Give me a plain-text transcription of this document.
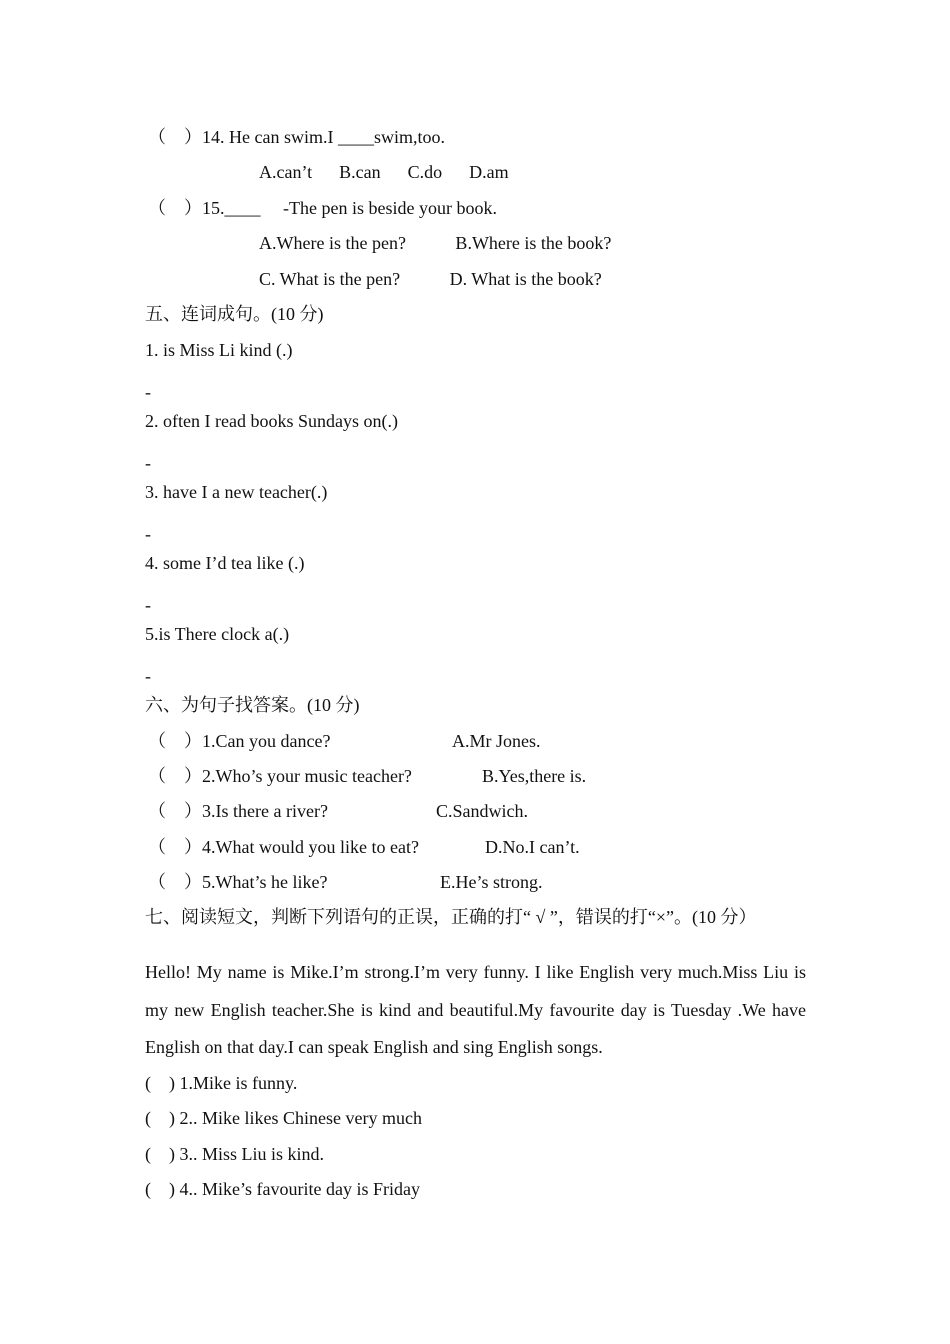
（    ）14. He can swim.I ____swim,too.
A.can’t      B.can      C.do      D.am
（    ）15.____     -The pen is beside your book.
A.Where is the pen?           B.Where is the book?
C. What is the pen?           D. What is the book?
五、连词成句。(10 分)
1. is Miss Li kind (.)
-
2. often I read books Sundays on(.)
-
3. have I a new teacher(.)
-
4. some I’d tea like (.)
-
5.is There clock a(.)
-
六、为句子找答案。(10 分)
（    ）1.Can you dance?	A.Mr Jones.
（    ）2.Who’s your music teacher?	B.Yes,there is.
（    ）3.Is there a river?	C.Sandwich.
（    ）4.What would you like to eat?	D.No.I can’t.
（    ）5.What’s he like?	E.He’s strong.
七、阅读短文，判断下列语句的正误，正确的打“ √ ”，错误的打“×”。(10 分）
Hello! My name is Mike.I’m strong.I’m very funny. I like English very much.Miss Liu is my new English teacher.She is kind and beautiful.My favourite day is Tuesday .We have English on that day.I can speak English and sing English songs.
(    ) 1.Mike is funny.
(    ) 2.. Mike likes Chinese very much
(    ) 3.. Miss Liu is kind.
(    ) 4.. Mike’s favourite day is Friday
